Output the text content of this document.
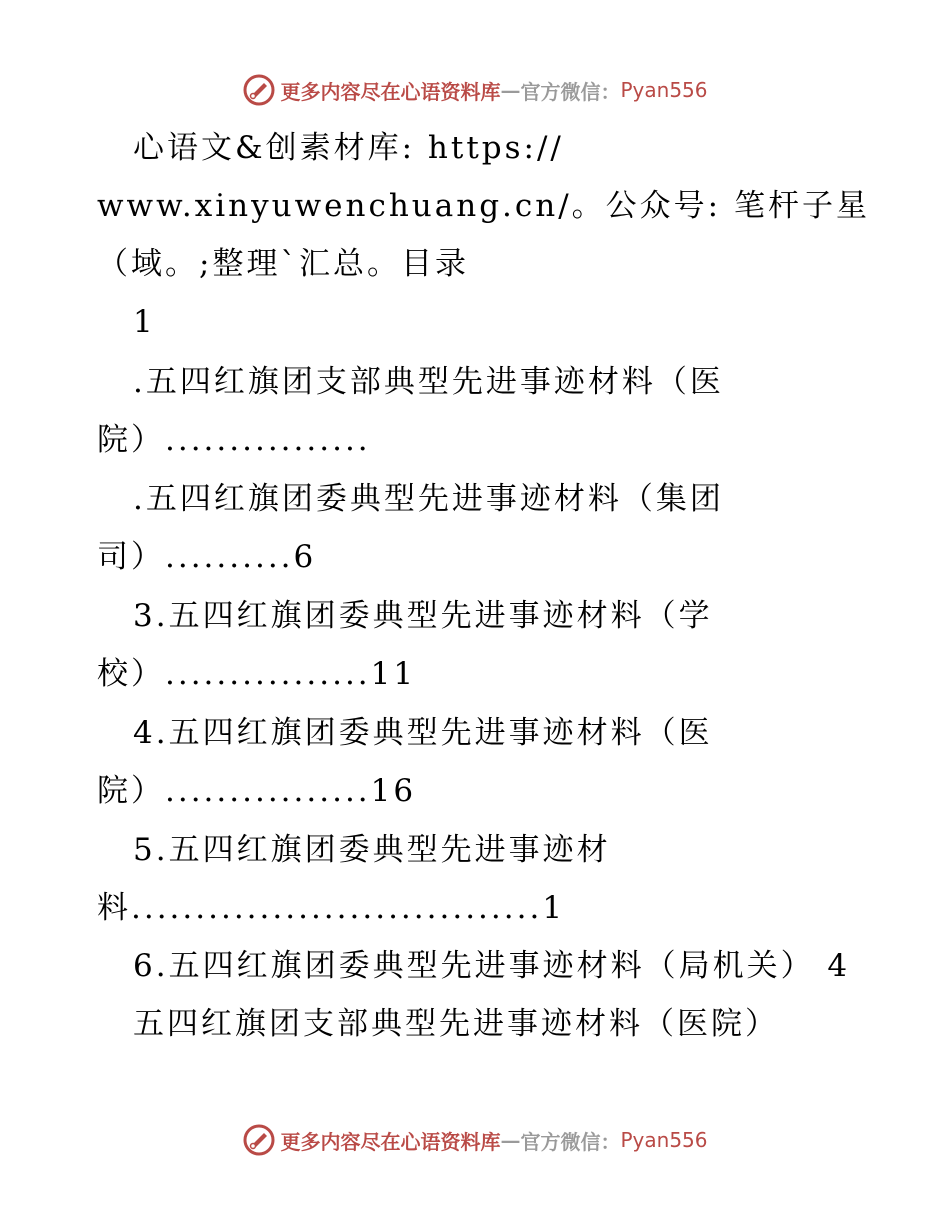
更多内容尽在心语资料库 — 官方微信： Pyan556
心语文&创素材库: https://
www.xinyuwenchuang.cn/。公众号: 笔杆子星
（域。;整理`汇总。目录
1
.五四红旗团支部典型先进事迹材料（医
院）................
.五四红旗团委典型先进事迹材料（集团
司）..........6
3.五四红旗团委典型先进事迹材料（学
校）................11
4.五四红旗团委典型先进事迹材料（医
院）................16
5.五四红旗团委典型先进事迹材
料................................1
6.五四红旗团委典型先进事迹材料（局机关） 4
五四红旗团支部典型先进事迹材料（医院）
更多内容尽在心语资料库 — 官方微信： Pyan556
